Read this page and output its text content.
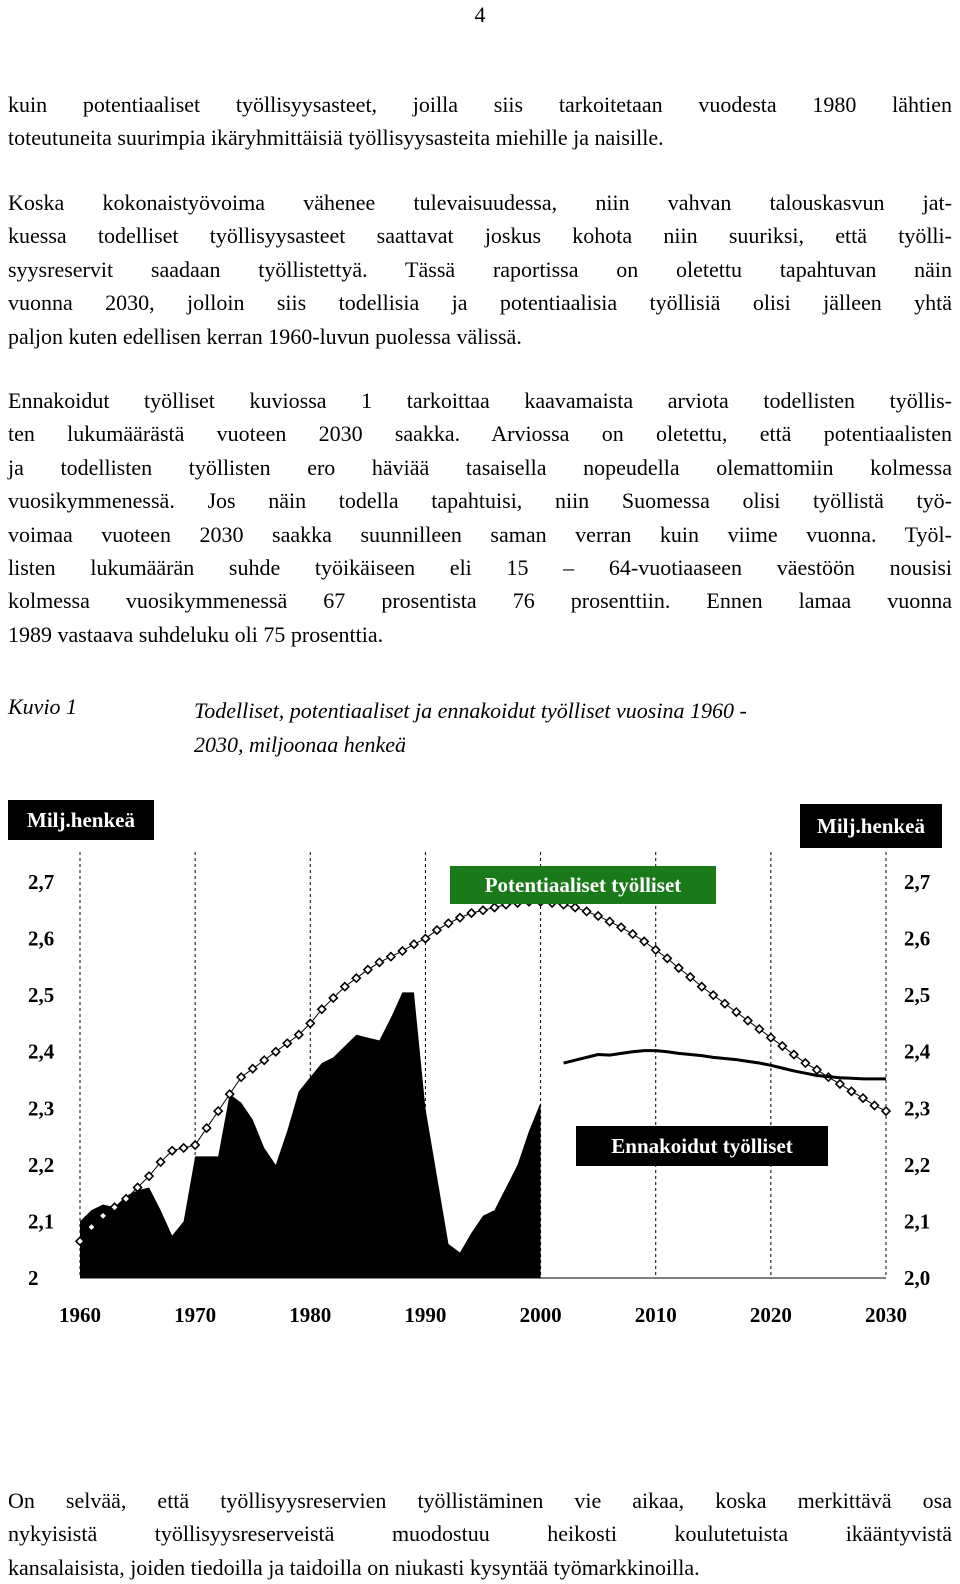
4

kuin potentiaaliset työllisyysasteet, joilla siis tarkoitetaan vuodesta 1980 lähtien
toteutuneita suurimpia ikäryhmittäisiä työllisyysasteita miehille ja naisille.

Koska kokonaistyövoima vähenee tulevaisuudessa, niin vahvan talouskasvun jat-
kuessa todelliset työllisyysasteet saattavat joskus kohota niin suuriksi, että työlli-
syysreservit saadaan työllistettyä. Tässä raportissa on oletettu tapahtuvan näin
vuonna 2030, jolloin siis todellisia ja potentiaalisia työllisiä olisi jälleen yhtä
paljon kuten edellisen kerran 1960-luvun puolessa välissä.

Ennakoidut työlliset kuviossa 1 tarkoittaa kaavamaista arviota todellisten työllis-
ten lukumäärästä vuoteen 2030 saakka. Arviossa on oletettu, että potentiaalisten
ja todellisten työllisten ero häviää tasaisella nopeudella olemattomiin kolmessa
vuosikymmenessä. Jos näin todella tapahtuisi, niin Suomessa olisi työllistä työ-
voimaa vuoteen 2030 saakka suunnilleen saman verran kuin viime vuonna. Työl-
listen lukumäärän suhde työikäiseen eli 15 – 64-vuotiaaseen väestöön nousisi
kolmessa vuosikymmenessä 67 prosentista 76 prosenttiin. Ennen lamaa vuonna
1989 vastaava suhdeluku oli 75 prosenttia.

Kuvio 1	Todelliset, potentiaaliset ja ennakoidut työlliset vuosina 1960 -
2030, miljoonaa henkeä
2
2,1
2,2
2,3
2,4
2,5
2,6
2,7
2,0
2,1
2,2
2,3
2,4
2,5
2,6
2,7
1960	1970	1980	1990	2000	2010	2020	2030
Milj.henkeä	Milj.henkeä
Potentiaaliset työlliset
Ennakoidut työlliset

On selvää, että työllisyysreservien työllistäminen vie aikaa, koska merkittävä osa
nykyisistä työllisyysreserveistä muodostuu heikosti koulutetuista ikääntyvistä
kansalaisista, joiden tiedoilla ja taidoilla on niukasti kysyntää työmarkkinoilla.
